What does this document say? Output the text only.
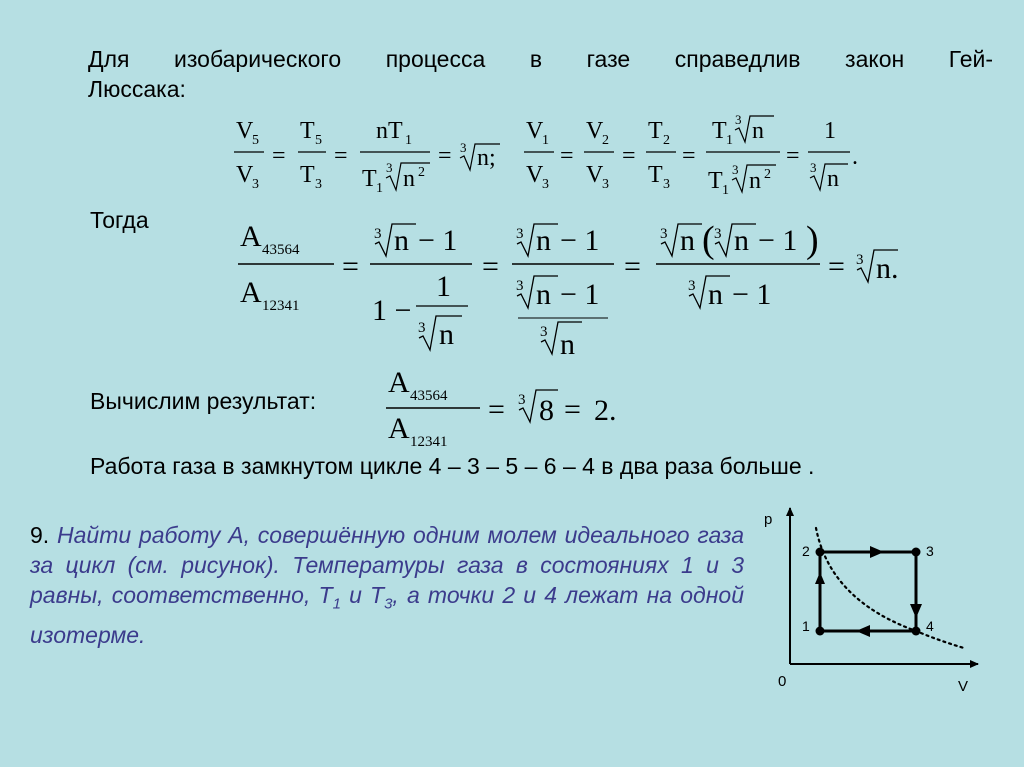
Для изобарического процесса в газе справедлив закон Гей-
Люссака:
V
5
V
3
=
T 5
T 3
=
nT 1
T 1
3 n 2
= 3 n;
V
1
V
3
=
V
2
V
3
=
T 2
T 3
=
T 1
3 n
T 1
3 n 2
=
1
3 n
.
Тогда	A 43564
A 12341
=
3 n − 1
1 −
1
3 n
=
3 n − 1
3 n − 1
3 n
=
3 n ( 3 n − 1 )
3 n − 1
= 3 n.
Вычислим результат:
A 43564
A 12341
= 3 8 = 2.
Работа газа в замкнутом цикле 4 – 3 – 5 – 6 – 4 в два раза больше .
9. Найти работу А, совершённую одним молем идеального газа за цикл (см. рисунок). Температуры газа в состояниях 1 и 3 равны, соответственно, $Т_1$ и $Т_3$, а точки 2 и 4 лежат на одной изотерме.
p
V
0
1
2	3
4
